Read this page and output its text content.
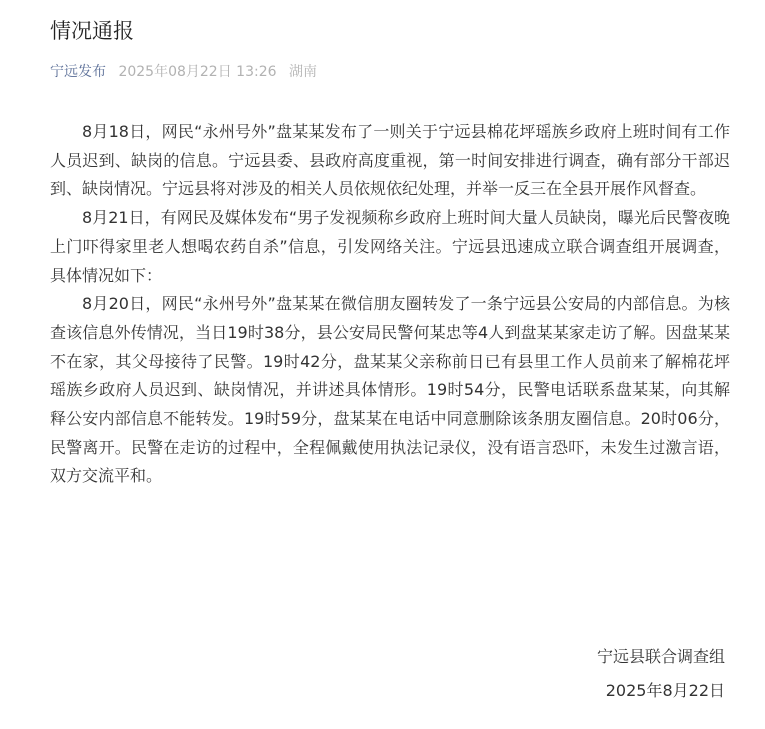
情况通报
宁远发布 2025年08月22日 13:26 湖南

8月18日，网民“永州号外”盘某某发布了一则关于宁远县棉花坪瑶族乡政府上班时间有工作人员迟到、缺岗的信息。宁远县委、县政府高度重视，第一时间安排进行调查，确有部分干部迟到、缺岗情况。宁远县将对涉及的相关人员依规依纪处理，并举一反三在全县开展作风督查。

8月21日，有网民及媒体发布“男子发视频称乡政府上班时间大量人员缺岗，曝光后民警夜晚上门吓得家里老人想喝农药自杀”信息，引发网络关注。宁远县迅速成立联合调查组开展调查，具体情况如下：

8月20日，网民“永州号外”盘某某在微信朋友圈转发了一条宁远县公安局的内部信息。为核查该信息外传情况，当日19时38分，县公安局民警何某忠等4人到盘某某家走访了解。因盘某某不在家，其父母接待了民警。19时42分，盘某某父亲称前日已有县里工作人员前来了解棉花坪瑶族乡政府人员迟到、缺岗情况，并讲述具体情形。19时54分，民警电话联系盘某某，向其解释公安内部信息不能转发。19时59分，盘某某在电话中同意删除该条朋友圈信息。20时06分，民警离开。民警在走访的过程中，全程佩戴使用执法记录仪，没有语言恐吓，未发生过激言语，双方交流平和。

宁远县联合调查组
2025年8月22日
